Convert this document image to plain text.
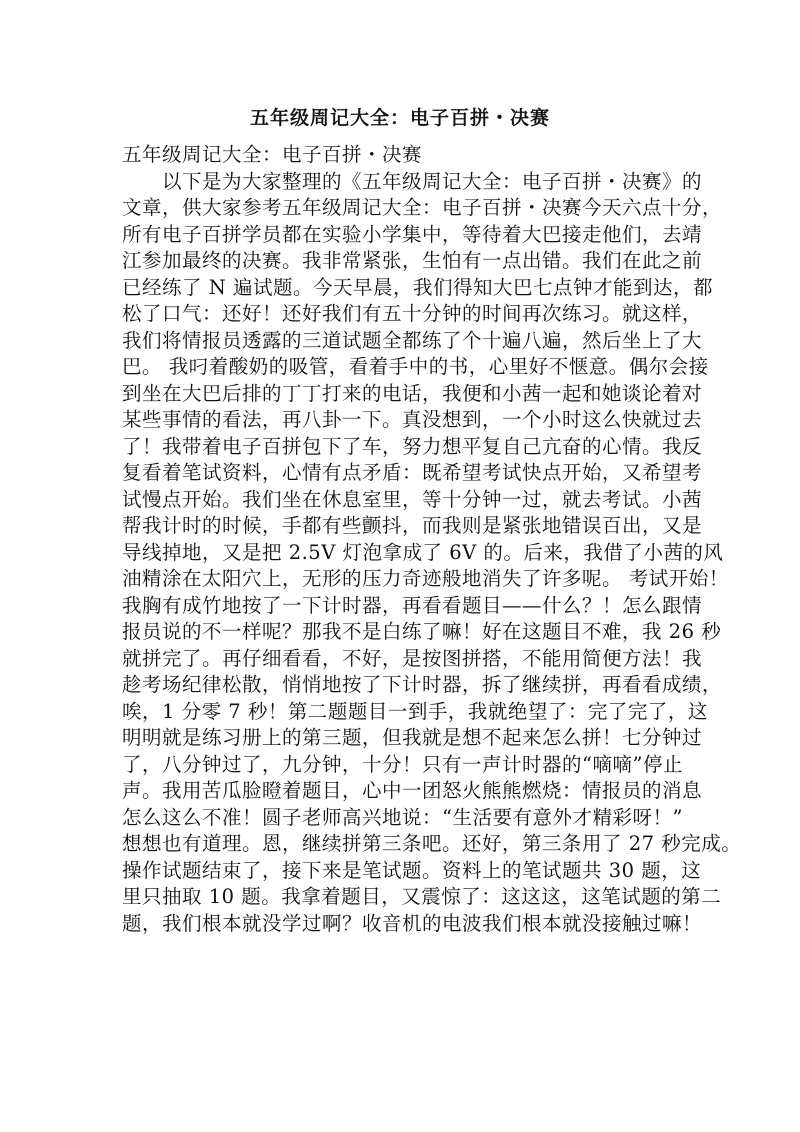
五年级周记大全：电子百拼・决赛
五年级周记大全：电子百拼・决赛
　　以下是为大家整理的《五年级周记大全：电子百拼・决赛》的
文章，供大家参考五年级周记大全：电子百拼・决赛今天六点十分，
所有电子百拼学员都在实验小学集中，等待着大巴接走他们，去靖
江参加最终的决赛。我非常紧张，生怕有一点出错。我们在此之前
已经练了 N 遍试题。今天早晨，我们得知大巴七点钟才能到达，都
松了口气：还好！还好我们有五十分钟的时间再次练习。就这样，
我们将情报员透露的三道试题全都练了个十遍八遍，然后坐上了大
巴。 我叼着酸奶的吸管，看着手中的书，心里好不惬意。偶尔会接
到坐在大巴后排的丁丁打来的电话，我便和小茜一起和她谈论着对
某些事情的看法，再八卦一下。真没想到，一个小时这么快就过去
了！我带着电子百拼包下了车，努力想平复自己亢奋的心情。我反
复看着笔试资料，心情有点矛盾：既希望考试快点开始，又希望考
试慢点开始。我们坐在休息室里，等十分钟一过，就去考试。小茜
帮我计时的时候，手都有些颤抖，而我则是紧张地错误百出，又是
导线掉地，又是把 2.5V 灯泡拿成了 6V 的。后来，我借了小茜的风
油精涂在太阳穴上，无形的压力奇迹般地消失了许多呢。 考试开始！
我胸有成竹地按了一下计时器，再看看题目——什么？！怎么跟情
报员说的不一样呢？那我不是白练了嘛！好在这题目不难，我 26 秒
就拼完了。再仔细看看，不好，是按图拼搭，不能用简便方法！我
趁考场纪律松散，悄悄地按了下计时器，拆了继续拼，再看看成绩，
唉，1 分零 7 秒！第二题题目一到手，我就绝望了：完了完了，这
明明就是练习册上的第三题，但我就是想不起来怎么拼！七分钟过
了，八分钟过了，九分钟，十分！只有一声计时器的“嘀嘀”停止
声。我用苦瓜脸瞪着题目，心中一团怒火熊熊燃烧：情报员的消息
怎么这么不准！圆子老师高兴地说：“生活要有意外才精彩呀！”
想想也有道理。恩，继续拼第三条吧。还好，第三条用了 27 秒完成。
操作试题结束了，接下来是笔试题。资料上的笔试题共 30 题，这
里只抽取 10 题。我拿着题目，又震惊了：这这这，这笔试题的第二
题，我们根本就没学过啊？收音机的电波我们根本就没接触过嘛！
